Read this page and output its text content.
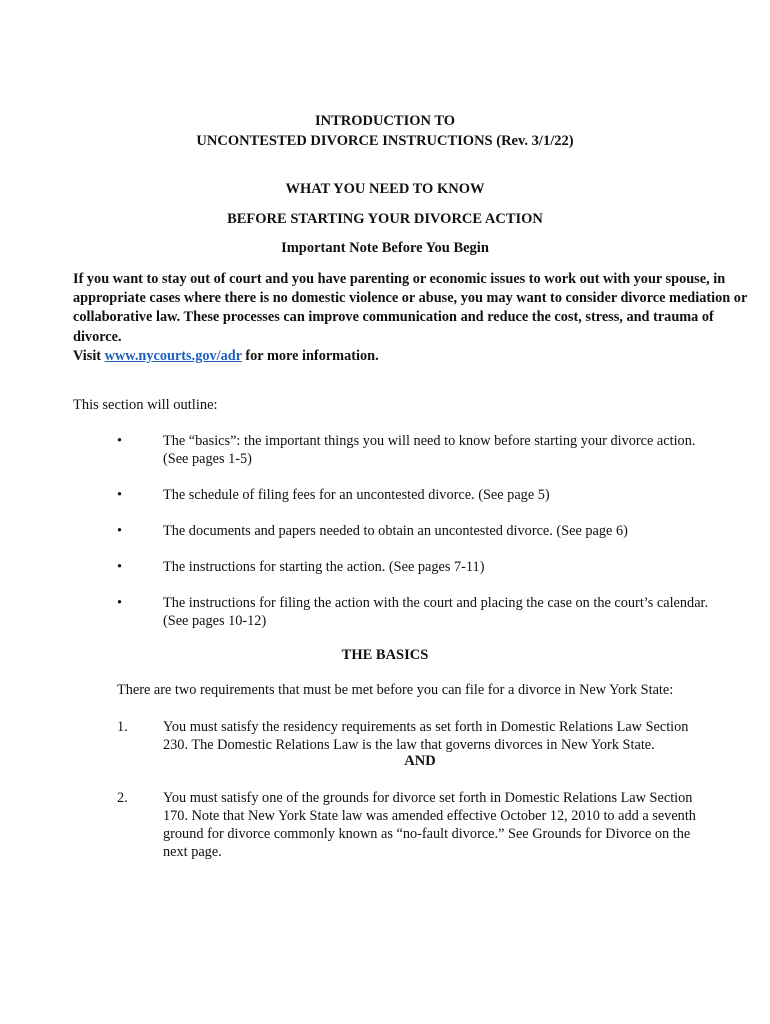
INTRODUCTION TO
UNCONTESTED DIVORCE INSTRUCTIONS (Rev. 3/1/22)
WHAT YOU NEED TO KNOW
BEFORE STARTING YOUR DIVORCE ACTION
Important Note Before You Begin
If you want to stay out of court and you have parenting or economic issues to work out with your spouse, in appropriate cases where there is no domestic violence or abuse, you may want to consider divorce mediation or collaborative law. These processes can improve communication and reduce the cost, stress, and trauma of divorce.
Visit www.nycourts.gov/adr for more information.
This section will outline:
•	The “basics”: the important things you will need to know before starting your divorce action.
(See pages 1-5)
•	The schedule of filing fees for an uncontested divorce. (See page 5)
•	The documents and papers needed to obtain an uncontested divorce. (See page 6)
•	The instructions for starting the action. (See pages 7-11)
•	The instructions for filing the action with the court and placing the case on the court’s calendar.
(See pages 10-12)
THE BASICS
There are two requirements that must be met before you can file for a divorce in New York State:
1. You must satisfy the residency requirements as set forth in Domestic Relations Law Section
230. The Domestic Relations Law is the law that governs divorces in New York State.
AND
2. You must satisfy one of the grounds for divorce set forth in Domestic Relations Law Section
170. Note that New York State law was amended effective October 12, 2010 to add a seventh
ground for divorce commonly known as “no-fault divorce.” See Grounds for Divorce on the
next page.
